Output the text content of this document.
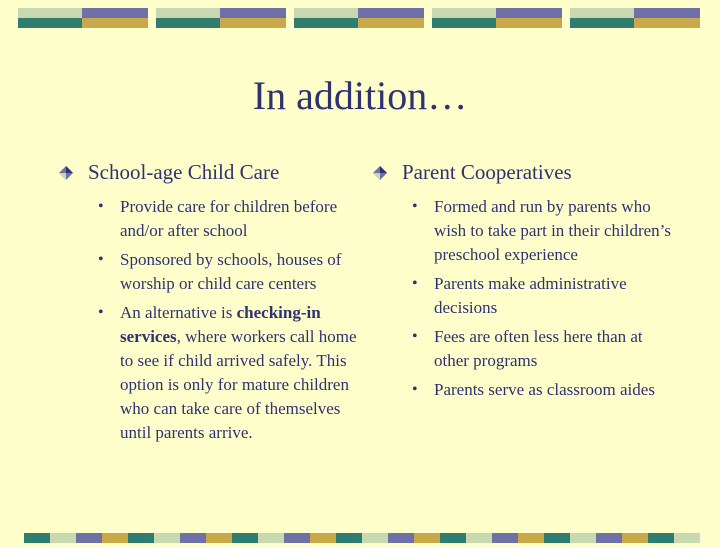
In addition…
School-age Child Care
• Provide care for children before and/or after school
• Sponsored by schools, houses of worship or child care centers
• An alternative is checking-in services, where workers call home to see if child arrived safely. This option is only for mature children who can take care of themselves until parents arrive.
Parent Cooperatives
• Formed and run by parents who wish to take part in their children’s preschool experience
• Parents make administrative decisions
• Fees are often less here than at other programs
• Parents serve as classroom aides
